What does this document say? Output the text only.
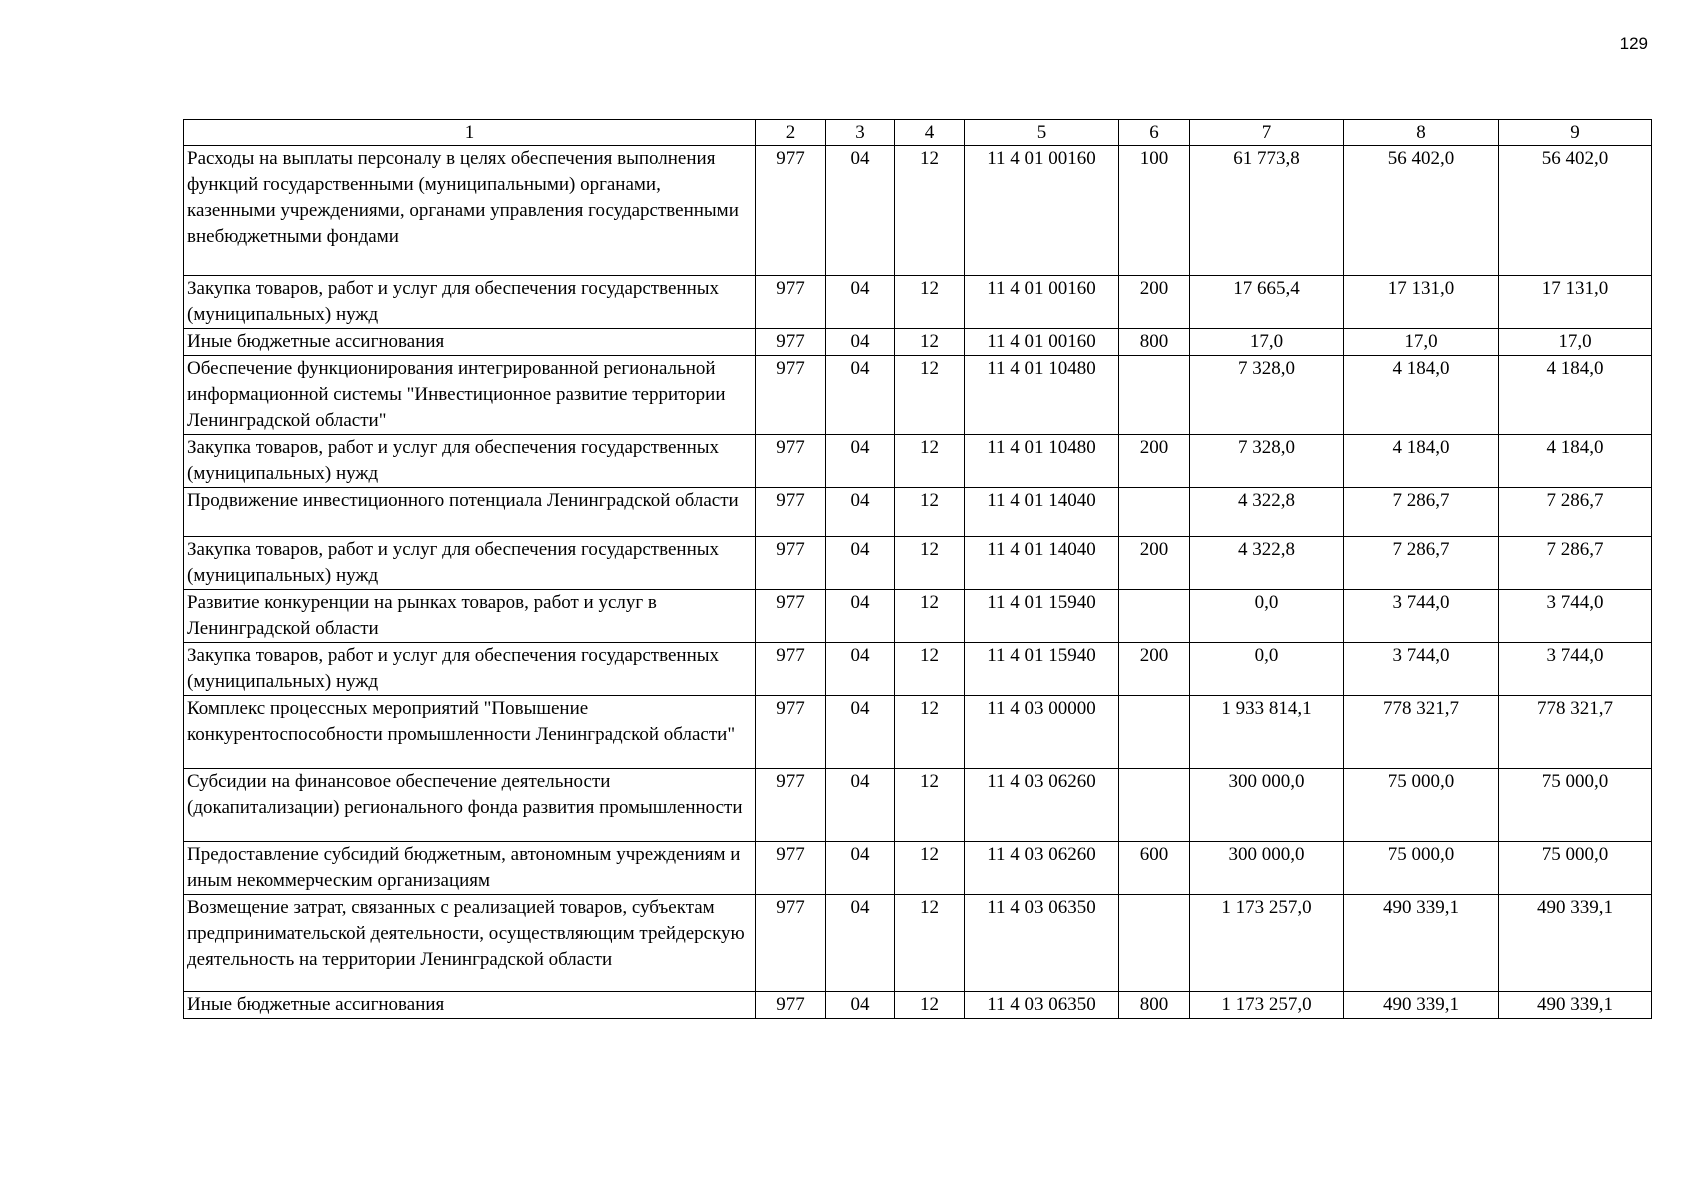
129
1	2	3	4	5	6	7	8	9
Расходы на выплаты персоналу в целях обеспечения выполнения функций государственными (муниципальными) органами, казенными учреждениями, органами управления государственными внебюджетными фондами	977	04	12	11 4 01 00160	100	61 773,8	56 402,0	56 402,0
Закупка товаров, работ и услуг для обеспечения государственных (муниципальных) нужд	977	04	12	11 4 01 00160	200	17 665,4	17 131,0	17 131,0
Иные бюджетные ассигнования	977	04	12	11 4 01 00160	800	17,0	17,0	17,0
Обеспечение функционирования интегрированной региональной информационной системы "Инвестиционное развитие территории Ленинградской области"	977	04	12	11 4 01 10480		7 328,0	4 184,0	4 184,0
Закупка товаров, работ и услуг для обеспечения государственных (муниципальных) нужд	977	04	12	11 4 01 10480	200	7 328,0	4 184,0	4 184,0
Продвижение инвестиционного потенциала Ленинградской области	977	04	12	11 4 01 14040		4 322,8	7 286,7	7 286,7
Закупка товаров, работ и услуг для обеспечения государственных (муниципальных) нужд	977	04	12	11 4 01 14040	200	4 322,8	7 286,7	7 286,7
Развитие конкуренции на рынках товаров, работ и услуг в Ленинградской области	977	04	12	11 4 01 15940		0,0	3 744,0	3 744,0
Закупка товаров, работ и услуг для обеспечения государственных (муниципальных) нужд	977	04	12	11 4 01 15940	200	0,0	3 744,0	3 744,0
Комплекс процессных мероприятий "Повышение конкурентоспособности промышленности Ленинградской области"	977	04	12	11 4 03 00000		1 933 814,1	778 321,7	778 321,7
Субсидии на финансовое обеспечение деятельности (докапитализации) регионального фонда развития промышленности	977	04	12	11 4 03 06260		300 000,0	75 000,0	75 000,0
Предоставление субсидий бюджетным, автономным учреждениям и иным некоммерческим организациям	977	04	12	11 4 03 06260	600	300 000,0	75 000,0	75 000,0
Возмещение затрат, связанных с реализацией товаров, субъектам предпринимательской деятельности, осуществляющим трейдерскую деятельность на территории Ленинградской области	977	04	12	11 4 03 06350		1 173 257,0	490 339,1	490 339,1
Иные бюджетные ассигнования	977	04	12	11 4 03 06350	800	1 173 257,0	490 339,1	490 339,1
